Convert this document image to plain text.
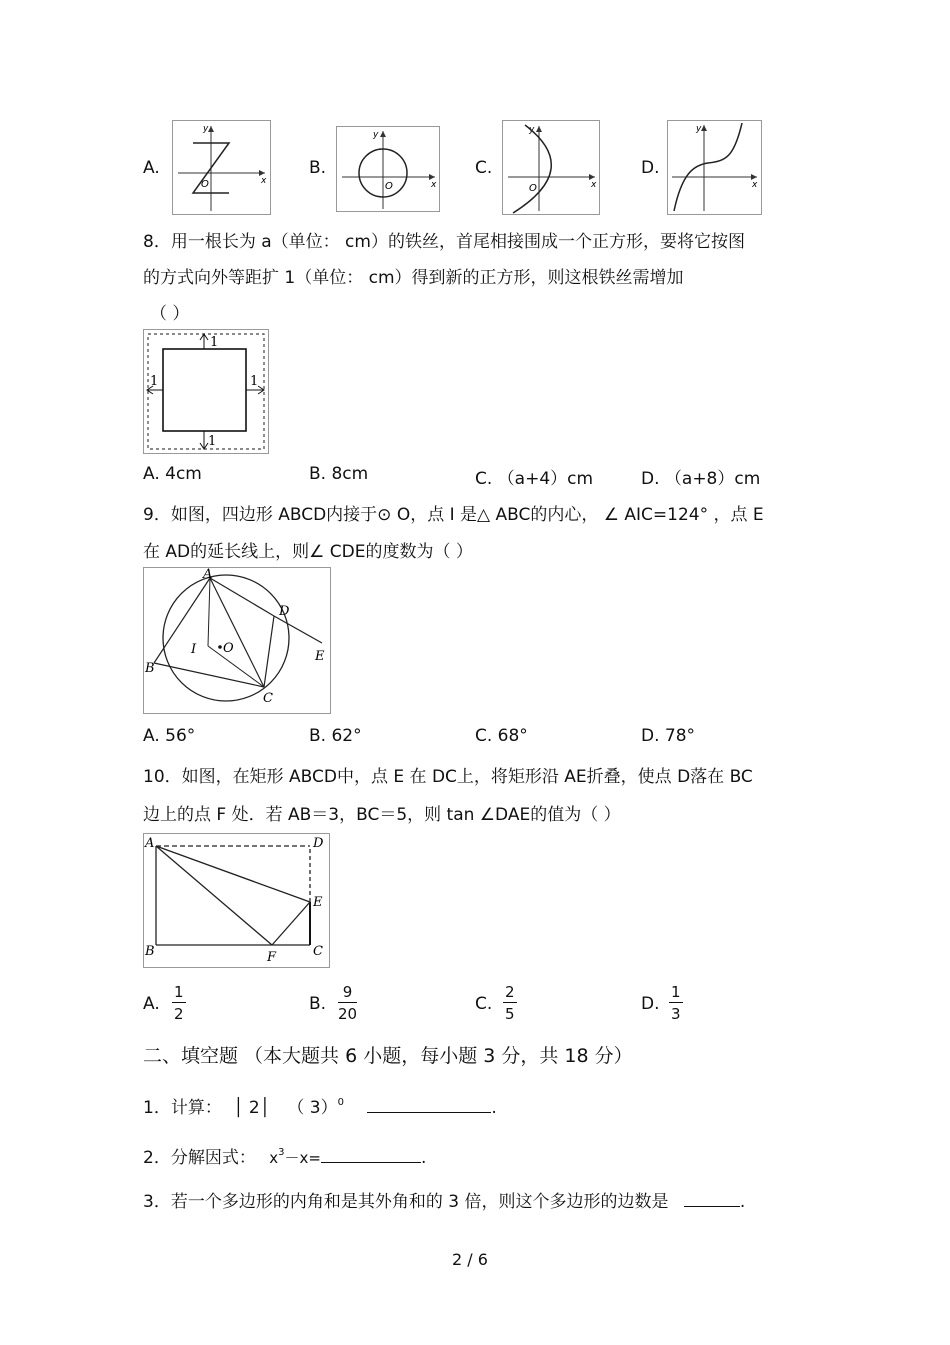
A.
y
x
O
B.
y
x
O
C.
y
x
O
D.
y
x
8．用一根长为 a（单位： cm）的铁丝，首尾相接围成一个正方形，要将它按图
的方式向外等距扩 1（单位： cm）得到新的正方形，则这根铁丝需增加
（ ）
1
1
1	1
A. 4cm	B. 8cm	C. （a+4）cm	D. （a+8）cm
9．如图，四边形 ABCD内接于⊙ O，点 I 是△ ABC的内心， ∠ AIC=124° ，点 E
在 AD的延长线上，则∠ CDE的度数为（ ）
A
B
C
D
E
I O
A. 56°	B. 62°	C. 68°	D. 78°
10．如图，在矩形 ABCD中，点 E 在 DC上，将矩形沿 AE折叠，使点 D落在 BC
边上的点 F 处．若 AB＝3，BC＝5，则 tan ∠DAE的值为（ ）
A
B	C
D
E
F
A. $\frac{1}{2}$	B. $\frac{9}{20}$	C. $\frac{2}{5}$	D. $\frac{1}{3}$
二、填空题 （本大题共 6 小题，每小题 3 分，共 18 分）
1．计算： │ 2│ （ 3）$^0$	.
2．分解因式： $x^3-x=$	.
3．若一个多边形的内角和是其外角和的 3 倍，则这个多边形的边数是	.
2 / 6
